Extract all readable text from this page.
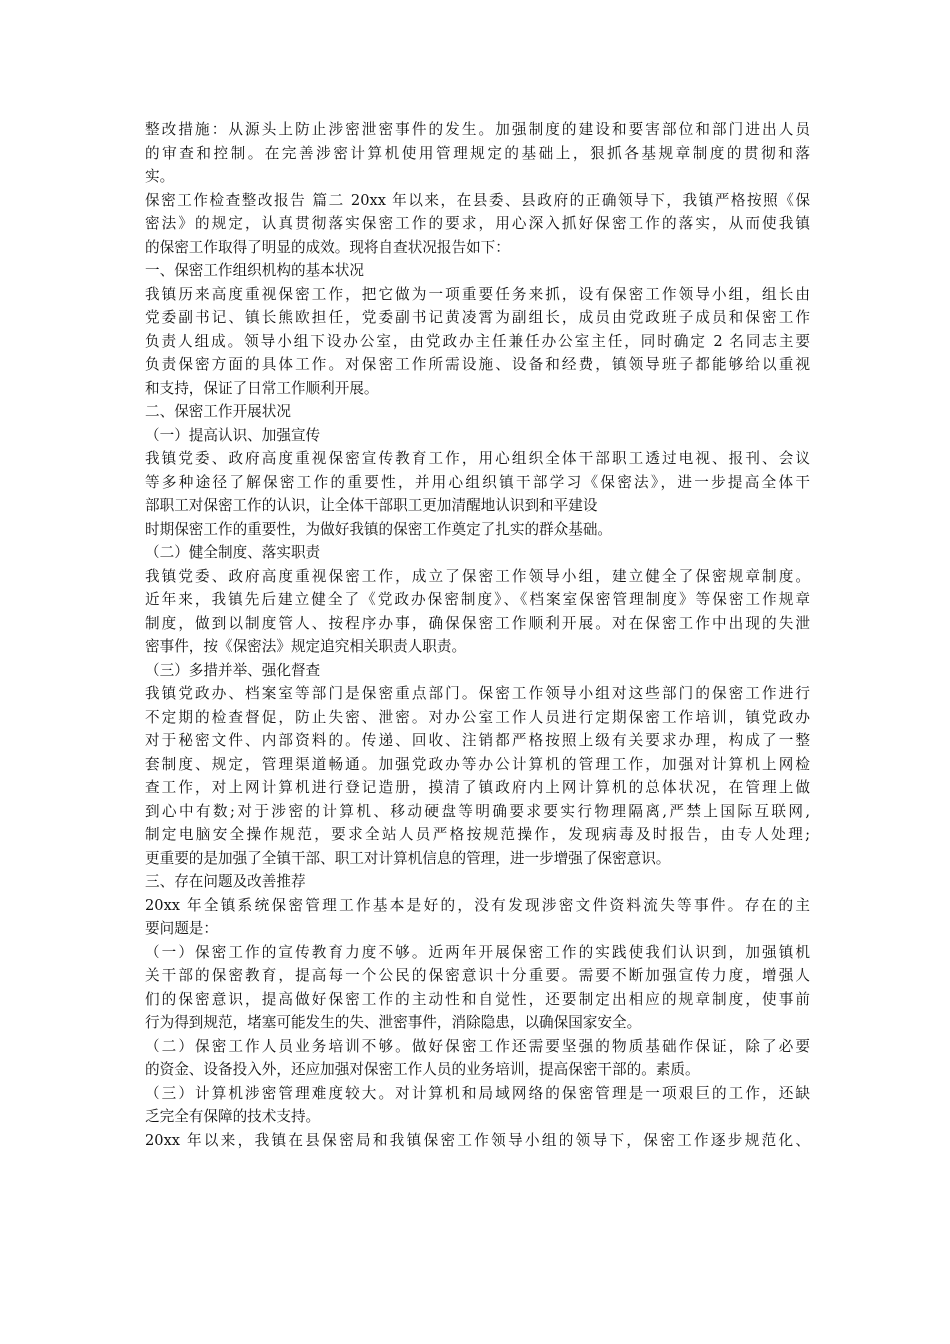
整改措施：从源头上防止涉密泄密事件的发生。加强制度的建设和要害部位和部门进出人员
的审查和控制。在完善涉密计算机使用管理规定的基础上，狠抓各基规章制度的贯彻和落
实。
保密工作检查整改报告 篇二 20xx 年以来，在县委、县政府的正确领导下，我镇严格按照《保
密法》的规定，认真贯彻落实保密工作的要求，用心深入抓好保密工作的落实，从而使我镇
的保密工作取得了明显的成效。现将自查状况报告如下：
一、保密工作组织机构的基本状况
我镇历来高度重视保密工作，把它做为一项重要任务来抓，设有保密工作领导小组，组长由
党委副书记、镇长熊欧担任，党委副书记黄凌霄为副组长，成员由党政班子成员和保密工作
负责人组成。领导小组下设办公室，由党政办主任兼任办公室主任，同时确定 2 名同志主要
负责保密方面的具体工作。对保密工作所需设施、设备和经费，镇领导班子都能够给以重视
和支持，保证了日常工作顺利开展。
二、保密工作开展状况
（一）提高认识、加强宣传
我镇党委、政府高度重视保密宣传教育工作，用心组织全体干部职工透过电视、报刊、会议
等多种途径了解保密工作的重要性，并用心组织镇干部学习《保密法》，进一步提高全体干
部职工对保密工作的认识，让全体干部职工更加清醒地认识到和平建设
时期保密工作的重要性，为做好我镇的保密工作奠定了扎实的群众基础。
（二）健全制度、落实职责
我镇党委、政府高度重视保密工作，成立了保密工作领导小组，建立健全了保密规章制度。
近年来，我镇先后建立健全了《党政办保密制度》、《档案室保密管理制度》等保密工作规章
制度，做到以制度管人、按程序办事，确保保密工作顺利开展。对在保密工作中出现的失泄
密事件，按《保密法》规定追究相关职责人职责。
（三）多措并举、强化督查
我镇党政办、档案室等部门是保密重点部门。保密工作领导小组对这些部门的保密工作进行
不定期的检查督促，防止失密、泄密。对办公室工作人员进行定期保密工作培训，镇党政办
对于秘密文件、内部资料的。传递、回收、注销都严格按照上级有关要求办理，构成了一整
套制度、规定，管理渠道畅通。加强党政办等办公计算机的管理工作，加强对计算机上网检
查工作，对上网计算机进行登记造册，摸清了镇政府内上网计算机的总体状况，在管理上做
到心中有数;对于涉密的计算机、移动硬盘等明确要求要实行物理隔离,严禁上国际互联网,
制定电脑安全操作规范，要求全站人员严格按规范操作，发现病毒及时报告，由专人处理;
更重要的是加强了全镇干部、职工对计算机信息的管理，进一步增强了保密意识。
三、存在问题及改善推荐
20xx 年全镇系统保密管理工作基本是好的，没有发现涉密文件资料流失等事件。存在的主
要问题是：
（一）保密工作的宣传教育力度不够。近两年开展保密工作的实践使我们认识到，加强镇机
关干部的保密教育，提高每一个公民的保密意识十分重要。需要不断加强宣传力度，增强人
们的保密意识，提高做好保密工作的主动性和自觉性，还要制定出相应的规章制度，使事前
行为得到规范，堵塞可能发生的失、泄密事件，消除隐患，以确保国家安全。
（二）保密工作人员业务培训不够。做好保密工作还需要坚强的物质基础作保证，除了必要
的资金、设备投入外，还应加强对保密工作人员的业务培训，提高保密干部的。素质。
（三）计算机涉密管理难度较大。对计算机和局域网络的保密管理是一项艰巨的工作，还缺
乏完全有保障的技术支持。
20xx 年以来，我镇在县保密局和我镇保密工作领导小组的领导下，保密工作逐步规范化、
